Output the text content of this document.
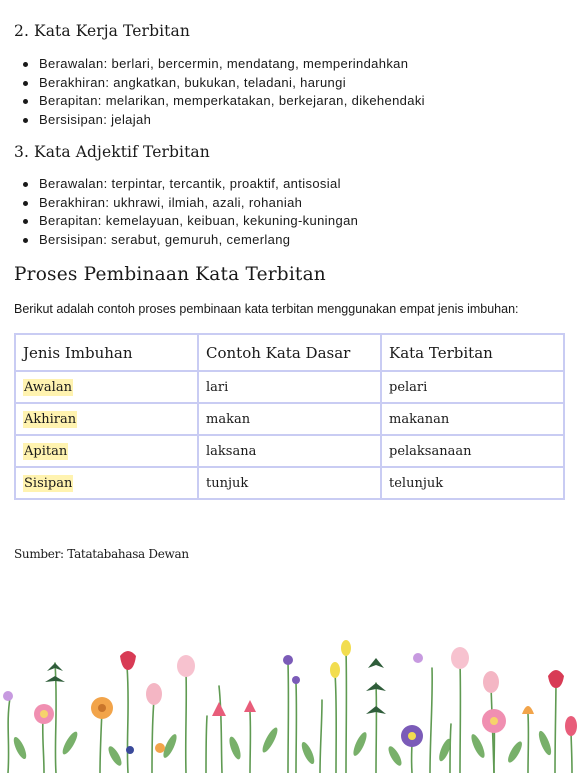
2. Kata Kerja Terbitan
Berawalan: berlari, bercermin, mendatang, memperindahkan
Berakhiran: angkatkan, bukukan, teladani, harungi
Berapitan: melarikan, memperkatakan, berkejaran, dikehendaki
Bersisipan: jelajah
3. Kata Adjektif Terbitan
Berawalan: terpintar, tercantik, proaktif, antisosial
Berakhiran: ukhrawi, ilmiah, azali, rohaniah
Berapitan: kemelayuan, keibuan, kekuning-kuningan
Bersisipan: serabut, gemuruh, cemerlang
Proses Pembinaan Kata Terbitan

Berikut adalah contoh proses pembinaan kata terbitan menggunakan empat jenis imbuhan:

Jenis Imbuhan	Contoh Kata Dasar	Kata Terbitan
Awalan	lari	pelari
Akhiran	makan	makanan
Apitan	laksana	pelaksanaan
Sisipan	tunjuk	telunjuk

Sumber: Tatatabahasa Dewan
